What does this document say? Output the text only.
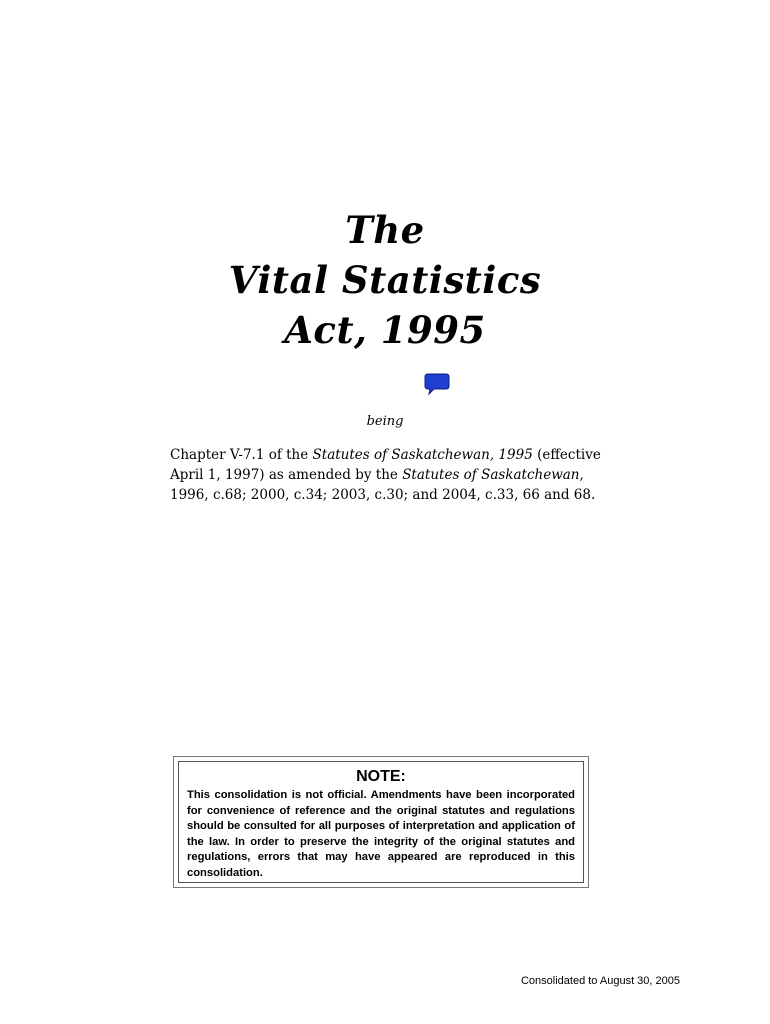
The
Vital Statistics
Act, 1995
being
Chapter V-7.1 of the Statutes of Saskatchewan, 1995 (effective April 1, 1997) as amended by the Statutes of Saskatchewan, 1996, c.68; 2000, c.34; 2003, c.30; and 2004, c.33, 66 and 68.
NOTE:
This consolidation is not official. Amendments have been incorporated for convenience of reference and the original statutes and regulations should be consulted for all purposes of interpretation and application of the law. In order to preserve the integrity of the original statutes and regulations, errors that may have appeared are reproduced in this consolidation.
Consolidated to August 30, 2005
